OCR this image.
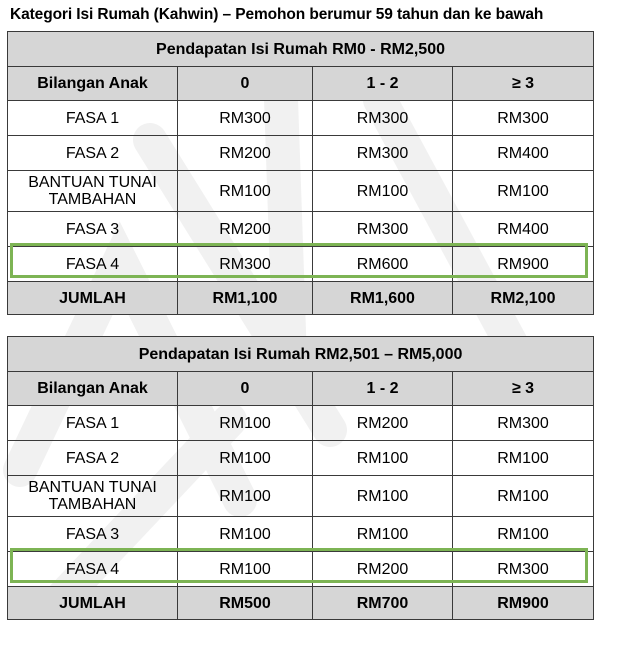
Kategori Isi Rumah (Kahwin) – Pemohon berumur 59 tahun dan ke bawah
Pendapatan Isi Rumah RM0 - RM2,500			
Bilangan Anak	0	1 - 2	≥ 3
FASA 1	RM300	RM300	RM300
FASA 2	RM200	RM300	RM400
BANTUAN TUNAI TAMBAHAN	RM100	RM100	RM100
FASA 3	RM200	RM300	RM400
FASA 4	RM300	RM600	RM900
JUMLAH	RM1,100	RM1,600	RM2,100
Pendapatan Isi Rumah RM2,501 – RM5,000			
Bilangan Anak	0	1 - 2	≥ 3
FASA 1	RM100	RM200	RM300
FASA 2	RM100	RM100	RM100
BANTUAN TUNAI TAMBAHAN	RM100	RM100	RM100
FASA 3	RM100	RM100	RM100
FASA 4	RM100	RM200	RM300
JUMLAH	RM500	RM700	RM900
